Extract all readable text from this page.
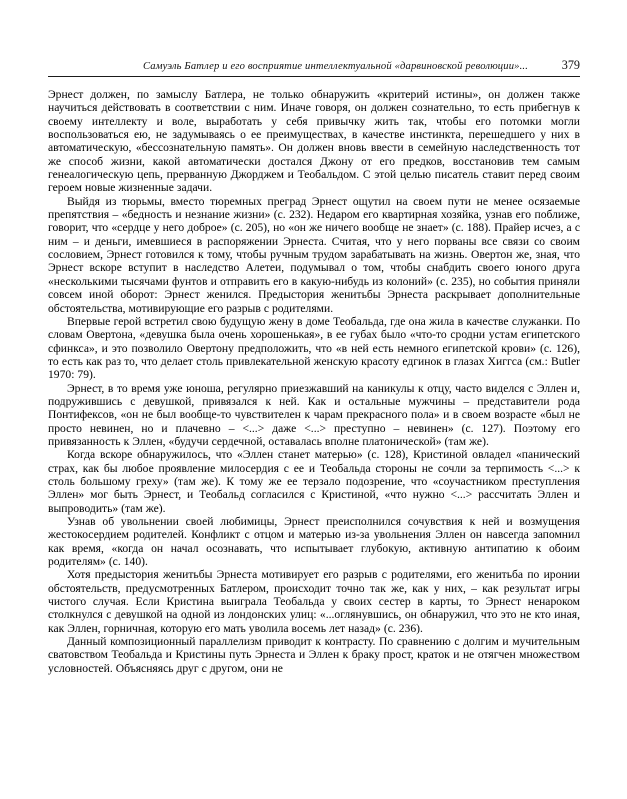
Самуэль Батлер и его восприятие интеллектуальной «дарвиновской революции»...	379

Эрнест должен, по замыслу Батлера, не только обнаружить «критерий истины», он должен также научиться действовать в соответствии с ним. Иначе говоря, он должен сознательно, то есть прибегнув к своему интеллекту и воле, выработать у себя привычку жить так, чтобы его потомки могли воспользоваться ею, не задумываясь о ее преимуществах, в качестве инстинкта, перешедшего у них в автоматическую, «бессознательную память». Он должен вновь ввести в семейную наследственность тот же способ жизни, какой автоматически достался Джону от его предков, восстановив тем самым генеалогическую цепь, прерванную Джорджем и Теобальдом. С этой целью писатель ставит перед своим героем новые жизненные задачи.

Выйдя из тюрьмы, вместо тюремных преград Эрнест ощутил на своем пути не менее осязаемые препятствия – «бедность и незнание жизни» (с. 232). Недаром его квартирная хозяйка, узнав его поближе, говорит, что «сердце у него доброе» (с. 205), но «он же ничего вообще не знает» (с. 188). Прайер исчез, а с ним – и деньги, имевшиеся в распоряжении Эрнеста. Считая, что у него порваны все связи со своим сословием, Эрнест готовился к тому, чтобы ручным трудом зарабатывать на жизнь. Овертон же, зная, что Эрнест вскоре вступит в наследство Алетеи, подумывал о том, чтобы снабдить своего юного друга «несколькими тысячами фунтов и отправить его в какую-нибудь из колоний» (с. 235), но события приняли совсем иной оборот: Эрнест женился. Предыстория женитьбы Эрнеста раскрывает дополнительные обстоятельства, мотивирующие его разрыв с родителями.

Впервые герой встретил свою будущую жену в доме Теобальда, где она жила в качестве служанки. По словам Овертона, «девушка была очень хорошенькая», в ее губах было «что-то сродни устам египетского сфинкса», и это позволило Овертону предположить, что «в ней есть немного египетской крови» (с. 126), то есть как раз то, что делает столь привлекательной женскую красоту едгинок в глазах Хиггса (см.: Butler 1970: 79).

Эрнест, в то время уже юноша, регулярно приезжавший на каникулы к отцу, часто виделся с Эллен и, подружившись с девушкой, привязался к ней. Как и остальные мужчины – представители рода Понтифексов, «он не был вообще-то чувствителен к чарам прекрасного пола» и в своем возрасте «был не просто невинен, но и плачевно – <...> даже <...> преступно – невинен» (с. 127). Поэтому его привязанность к Эллен, «будучи сердечной, оставалась вполне платонической» (там же).

Когда вскоре обнаружилось, что «Эллен станет матерью» (с. 128), Кристиной овладел «панический страх, как бы любое проявление милосердия с ее и Теобальда стороны не сочли за терпимость <...> к столь большому греху» (там же). К тому же ее терзало подозрение, что «соучастником преступления Эллен» мог быть Эрнест, и Теобальд согласился с Кристиной, «что нужно <...> рассчитать Эллен и выпроводить» (там же).

Узнав об увольнении своей любимицы, Эрнест преисполнился сочувствия к ней и возмущения жестокосердием родителей. Конфликт с отцом и матерью из-за увольнения Эллен он навсегда запомнил как время, «когда он начал осознавать, что испытывает глубокую, активную антипатию к обоим родителям» (с. 140).

Хотя предыстория женитьбы Эрнеста мотивирует его разрыв с родителями, его женитьба по иронии обстоятельств, предусмотренных Батлером, происходит точно так же, как у них, – как результат игры чистого случая. Если Кристина выиграла Теобальда у своих сестер в карты, то Эрнест ненароком столкнулся с девушкой на одной из лондонских улиц: «...оглянувшись, он обнаружил, что это не кто иная, как Эллен, горничная, которую его мать уволила восемь лет назад» (с. 236).

Данный композиционный параллелизм приводит к контрасту. По сравнению с долгим и мучительным сватовством Теобальда и Кристины путь Эрнеста и Эллен к браку прост, краток и не отягчен множеством условностей. Объясняясь друг с другом, они не
